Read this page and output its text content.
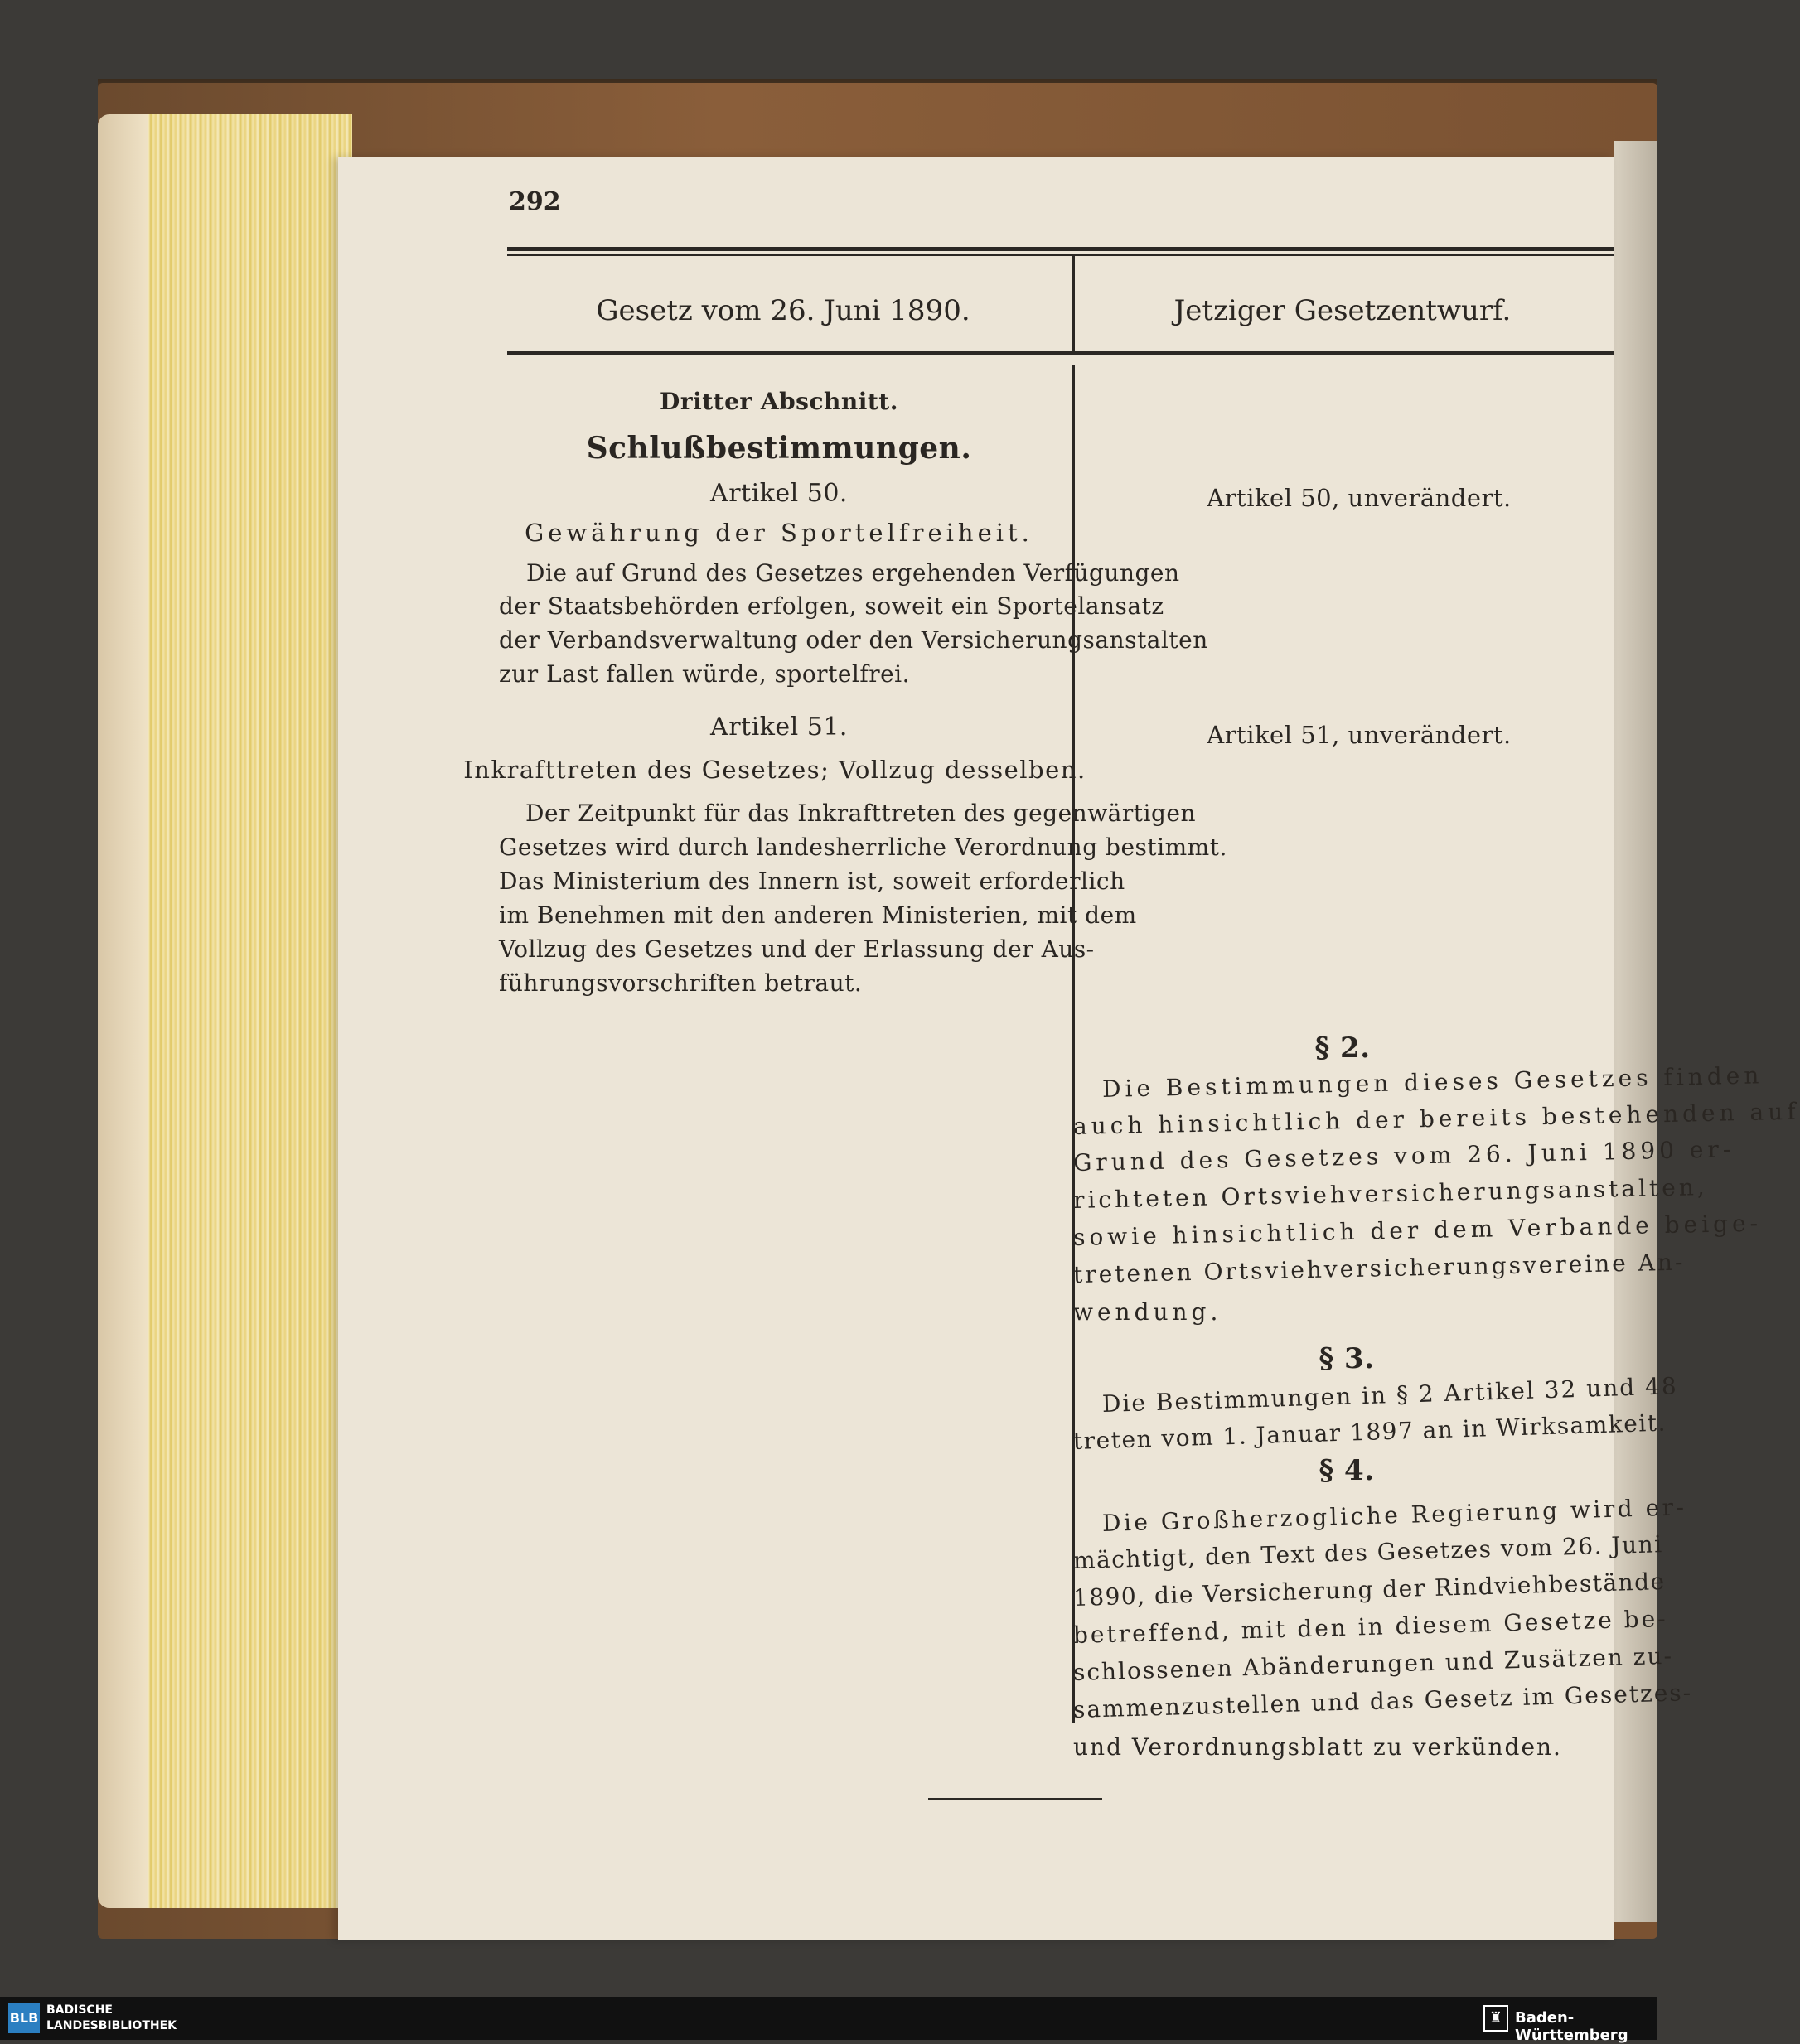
292
Gesetz vom 26. Juni 1890.	Jetziger Gesetzentwurf.
Dritter Abschnitt.
Schlußbestimmungen.
Artikel 50.
Gewährung der Sportelfreiheit.
Die auf Grund des Gesetzes ergehenden Verfügungen
der Staatsbehörden erfolgen, soweit ein Sportelansatz
der Verbandsverwaltung oder den Versicherungsanstalten
zur Last fallen würde, sportelfrei.
Artikel 51.
Inkrafttreten des Gesetzes; Vollzug desselben.
Der Zeitpunkt für das Inkrafttreten des gegenwärtigen
Gesetzes wird durch landesherrliche Verordnung bestimmt.
Das Ministerium des Innern ist, soweit erforderlich
im Benehmen mit den anderen Ministerien, mit dem
Vollzug des Gesetzes und der Erlassung der Aus-
führungsvorschriften betraut.
Artikel 50, unverändert.
Artikel 51, unverändert.
§ 2.
Die Bestimmungen dieses Gesetzes finden
auch hinsichtlich der bereits bestehenden auf
Grund des Gesetzes vom 26. Juni 1890 er-
richteten Ortsviehversicherungsanstalten,
sowie hinsichtlich der dem Verbande beige-
tretenen Ortsviehversicherungsvereine An-
wendung.
§ 3.
Die Bestimmungen in § 2 Artikel 32 und 48
treten vom 1. Januar 1897 an in Wirksamkeit.
§ 4.
Die Großherzogliche Regierung wird er-
mächtigt, den Text des Gesetzes vom 26. Juni
1890, die Versicherung der Rindviehbestände
betreffend, mit den in diesem Gesetze be-
schlossenen Abänderungen und Zusätzen zu-
sammenzustellen und das Gesetz im Gesetzes-
und Verordnungsblatt zu verkünden.
BLB BADISCHE
LANDESBIBLIOTHEK	♜ Baden-Württemberg
